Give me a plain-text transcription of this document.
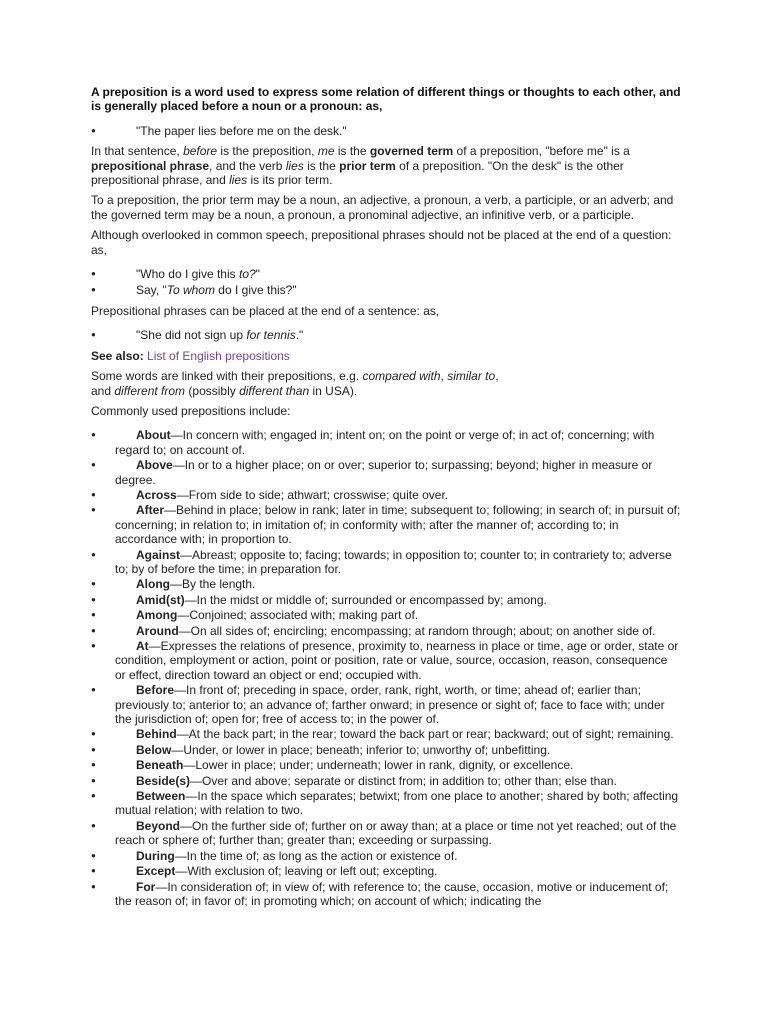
A preposition is a word used to express some relation of different things or thoughts to each other, and is generally placed before a noun or a pronoun: as,

● "The paper lies before me on the desk."

In that sentence, before is the preposition, me is the governed term of a preposition, "before me" is a prepositional phrase, and the verb lies is the prior term of a preposition. "On the desk" is the other prepositional phrase, and lies is its prior term.

To a preposition, the prior term may be a noun, an adjective, a pronoun, a verb, a participle, or an adverb; and the governed term may be a noun, a pronoun, a pronominal adjective, an infinitive verb, or a participle.

Although overlooked in common speech, prepositional phrases should not be placed at the end of a question: as,

● "Who do I give this to?"
● Say, "To whom do I give this?"

Prepositional phrases can be placed at the end of a sentence: as,

● "She did not sign up for tennis."

See also: List of English prepositions

Some words are linked with their prepositions, e.g. compared with, similar to,
and different from (possibly different than in USA).

Commonly used prepositions include:

● About—In concern with; engaged in; intent on; on the point or verge of; in act of; concerning; with regard to; on account of.
● Above—In or to a higher place; on or over; superior to; surpassing; beyond; higher in measure or degree.
● Across—From side to side; athwart; crosswise; quite over.
● After—Behind in place; below in rank; later in time; subsequent to; following; in search of; in pursuit of; concerning; in relation to; in imitation of; in conformity with; after the manner of; according to; in accordance with; in proportion to.
● Against—Abreast; opposite to; facing; towards; in opposition to; counter to; in contrariety to; adverse to; by of before the time; in preparation for.
● Along—By the length.
● Amid(st)—In the midst or middle of; surrounded or encompassed by; among.
● Among—Conjoined; associated with; making part of.
● Around—On all sides of; encircling; encompassing; at random through; about; on another side of.
● At—Expresses the relations of presence, proximity to, nearness in place or time, age or order, state or condition, employment or action, point or position, rate or value, source, occasion, reason, consequence or effect, direction toward an object or end; occupied with.
● Before—In front of; preceding in space, order, rank, right, worth, or time; ahead of; earlier than; previously to; anterior to; an advance of; farther onward; in presence or sight of; face to face with; under the jurisdiction of; open for; free of access to; in the power of.
● Behind—At the back part; in the rear; toward the back part or rear; backward; out of sight; remaining.
● Below—Under, or lower in place; beneath; inferior to; unworthy of; unbefitting.
● Beneath—Lower in place; under; underneath; lower in rank, dignity, or excellence.
● Beside(s)—Over and above; separate or distinct from; in addition to; other than; else than.
● Between—In the space which separates; betwixt; from one place to another; shared by both; affecting mutual relation; with relation to two.
● Beyond—On the further side of; further on or away than; at a place or time not yet reached; out of the reach or sphere of; further than; greater than; exceeding or surpassing.
● During—In the time of; as long as the action or existence of.
● Except—With exclusion of; leaving or left out; excepting.
● For—In consideration of; in view of; with reference to; the cause, occasion, motive or inducement of; the reason of; in favor of; in promoting which; on account of which; indicating the
